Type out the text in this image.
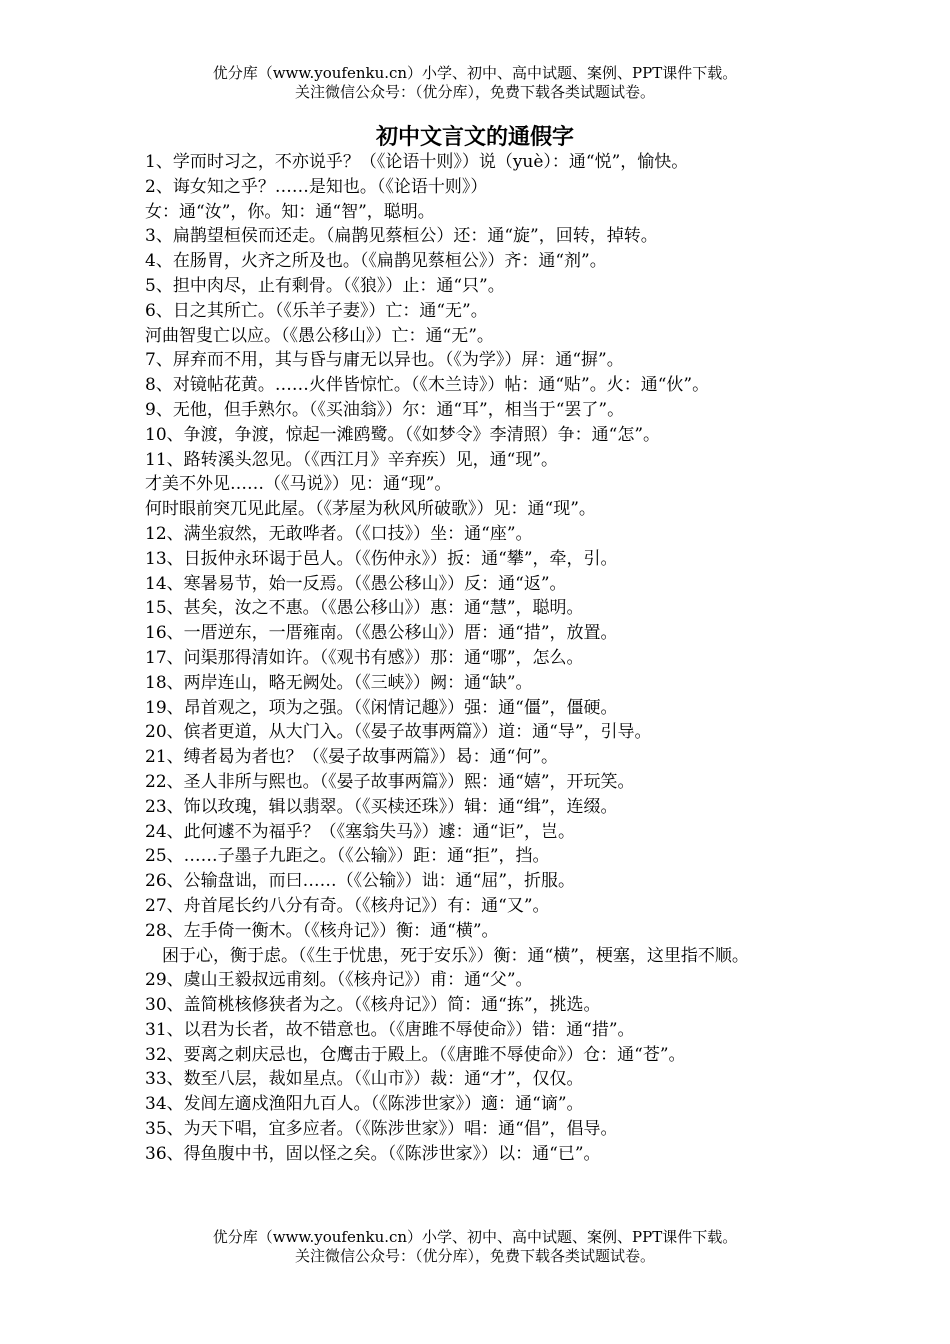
优分库（www.youfenku.cn）小学、初中、高中试题、案例、PPT课件下载。
关注微信公众号：（优分库），免费下载各类试题试卷。
初中文言文的通假字

1、学而时习之，不亦说乎？（《论语十则》）说（yuè）：通“悦”，愉快。

2、诲女知之乎？……是知也。（《论语十则》）

女：通“汝”，你。知：通“智”，聪明。

3、扁鹊望桓侯而还走。（扁鹊见蔡桓公）还：通“旋”，回转，掉转。

4、在肠胃，火齐之所及也。（《扁鹊见蔡桓公》）齐：通“剂”。

5、担中肉尽，止有剩骨。（《狼》）止：通“只”。

6、日之其所亡。（《乐羊子妻》）亡：通“无”。

河曲智叟亡以应。（《愚公移山》）亡：通“无”。

7、屏弃而不用，其与昏与庸无以异也。（《为学》）屏：通“摒”。

8、对镜帖花黄。……火伴皆惊忙。（《木兰诗》）帖：通“贴”。火：通“伙”。

9、无他，但手熟尔。（《买油翁》）尔：通“耳”，相当于“罢了”。

10、争渡，争渡，惊起一滩鸥鹭。（《如梦令》李清照）争：通“怎”。

11、路转溪头忽见。（《西江月》辛弃疾）见，通“现”。

才美不外见……（《马说》）见：通“现”。

何时眼前突兀见此屋。（《茅屋为秋风所破歌》）见：通“现”。

12、满坐寂然，无敢哗者。（《口技》）坐：通“座”。

13、日扳仲永环谒于邑人。（《伤仲永》）扳：通“攀”，牵，引。

14、寒暑易节，始一反焉。（《愚公移山》）反：通“返”。

15、甚矣，汝之不惠。（《愚公移山》）惠：通“慧”，聪明。

16、一厝逆东，一厝雍南。（《愚公移山》）厝：通“措”，放置。

17、问渠那得清如许。（《观书有感》）那：通“哪”，怎么。

18、两岸连山，略无阙处。（《三峡》）阙：通“缺”。

19、昂首观之，项为之强。（《闲情记趣》）强：通“僵”，僵硬。

20、傧者更道，从大门入。（《晏子故事两篇》）道：通“导”，引导。

21、缚者曷为者也？（《晏子故事两篇》）曷：通“何”。

22、圣人非所与熙也。（《晏子故事两篇》）熙：通“嬉”，开玩笑。

23、饰以玫瑰，辑以翡翠。（《买椟还珠》）辑：通“缉”，连缀。

24、此何遽不为福乎？（《塞翁失马》）遽：通“讵”，岂。

25、……子墨子九距之。（《公输》）距：通“拒”，挡。

26、公输盘诎，而曰……（《公输》）诎：通“屈”，折服。

27、舟首尾长约八分有奇。（《核舟记》）有：通“又”。

28、左手倚一衡木。（《核舟记》）衡：通“横”。

困于心，衡于虑。（《生于忧患，死于安乐》）衡：通“横”，梗塞，这里指不顺。

29、虞山王毅叔远甫刻。（《核舟记》）甫：通“父”。

30、盖简桃核修狭者为之。（《核舟记》）简：通“拣”，挑选。

31、以君为长者，故不错意也。（《唐雎不辱使命》）错：通“措”。

32、要离之刺庆忌也，仓鹰击于殿上。（《唐雎不辱使命》）仓：通“苍”。

33、数至八层，裁如星点。（《山市》）裁：通“才”，仅仅。

34、发闾左適戍渔阳九百人。（《陈涉世家》）適：通“谪”。

35、为天下唱，宜多应者。（《陈涉世家》）唱：通“倡”，倡导。

36、得鱼腹中书，固以怪之矣。（《陈涉世家》）以：通“已”。

优分库（www.youfenku.cn）小学、初中、高中试题、案例、PPT课件下载。
关注微信公众号：（优分库），免费下载各类试题试卷。
